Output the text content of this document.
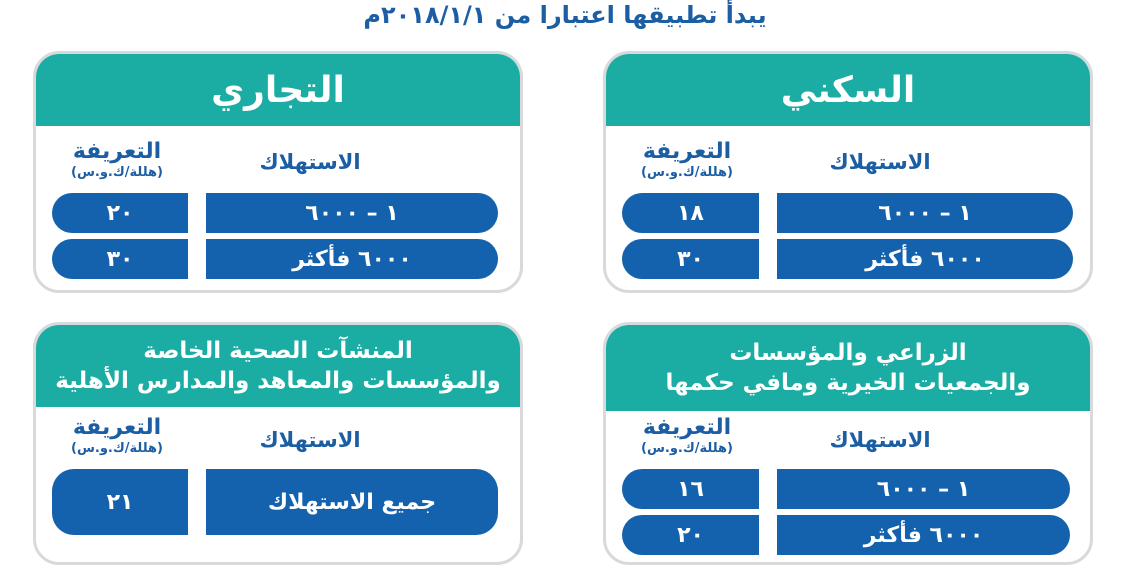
يبدأ تطبيقها اعتبارا من ٢٠١٨/١/١م
السكني
الاستهلاك
التعريفة
(هللة/ك.و.س)
١ – ٦٠٠٠
١٨
٦٠٠٠ فأكثر
٣٠
التجاري
الاستهلاك
التعريفة
(هللة/ك.و.س)
١ – ٦٠٠٠
٢٠
٦٠٠٠ فأكثر
٣٠
الزراعي والمؤسسات
والجمعيات الخيرية ومافي حكمها
الاستهلاك
التعريفة
(هللة/ك.و.س)
١ – ٦٠٠٠
١٦
٦٠٠٠ فأكثر
٢٠
المنشآت الصحية الخاصة
والمؤسسات والمعاهد والمدارس الأهلية
الاستهلاك
التعريفة
(هللة/ك.و.س)
جميع الاستهلاك
٢١
